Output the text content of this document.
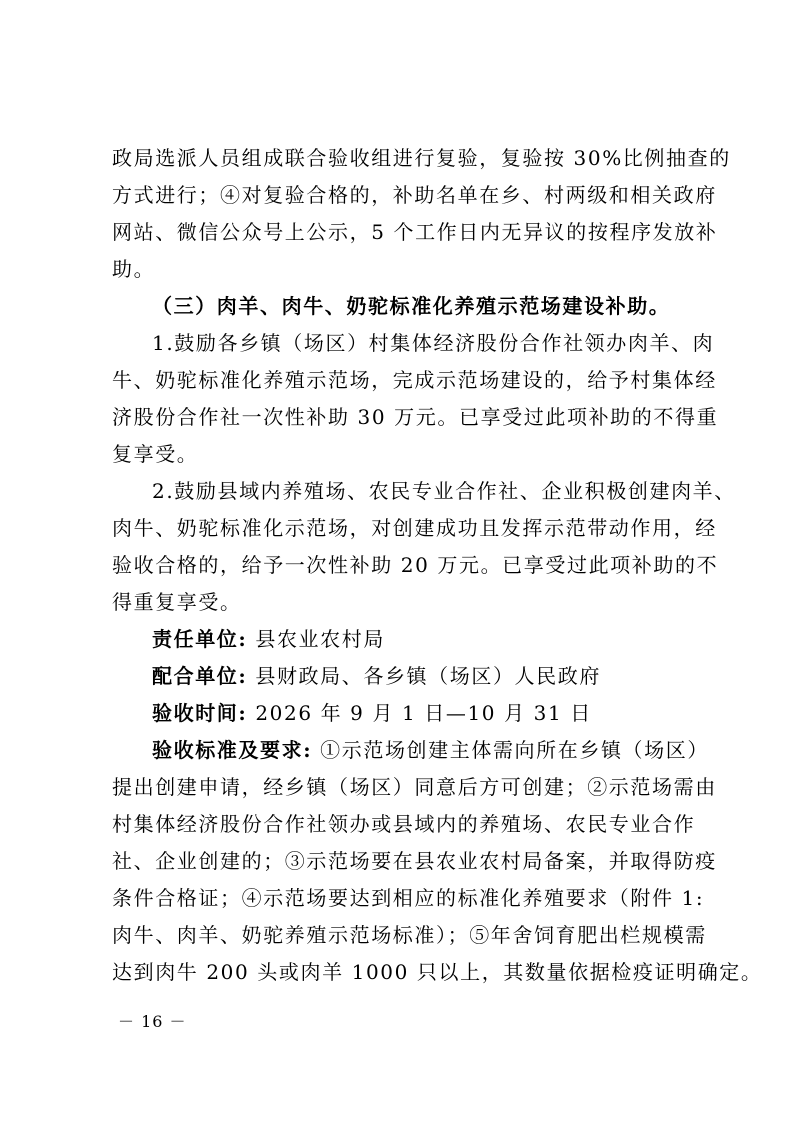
政局选派人员组成联合验收组进行复验，复验按 30%比例抽查的
方式进行；④对复验合格的，补助名单在乡、村两级和相关政府
网站、微信公众号上公示，5 个工作日内无异议的按程序发放补
助。
（三）肉羊、肉牛、奶驼标准化养殖示范场建设补助。
1.鼓励各乡镇（场区）村集体经济股份合作社领办肉羊、肉
牛、奶驼标准化养殖示范场，完成示范场建设的，给予村集体经
济股份合作社一次性补助 30 万元。已享受过此项补助的不得重
复享受。
2.鼓励县域内养殖场、农民专业合作社、企业积极创建肉羊、
肉牛、奶驼标准化示范场，对创建成功且发挥示范带动作用，经
验收合格的，给予一次性补助 20 万元。已享受过此项补助的不
得重复享受。
责任单位: 县农业农村局
配合单位: 县财政局、各乡镇（场区）人民政府
验收时间: 2026 年 9 月 1 日—10 月 31 日
验收标准及要求: ①示范场创建主体需向所在乡镇（场区）
提出创建申请，经乡镇（场区）同意后方可创建；②示范场需由
村集体经济股份合作社领办或县域内的养殖场、农民专业合作
社、企业创建的；③示范场要在县农业农村局备案，并取得防疫
条件合格证；④示范场要达到相应的标准化养殖要求（附件 1:
肉牛、肉羊、奶驼养殖示范场标准）；⑤年舍饲育肥出栏规模需
达到肉牛 200 头或肉羊 1000 只以上，其数量依据检疫证明确定。
－ 16 －
